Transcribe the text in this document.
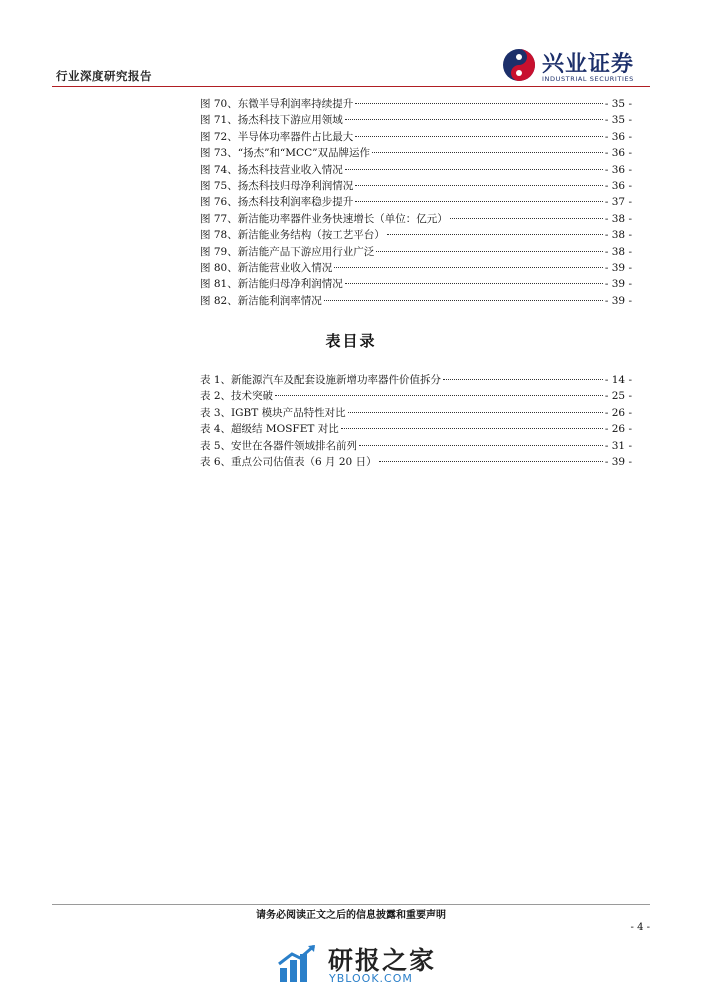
行业深度研究报告	兴业证券
INDUSTRIAL SECURITIES
图 70、东微半导利润率持续提升	- 35 -
图 71、扬杰科技下游应用领域	- 35 -
图 72、半导体功率器件占比最大	- 36 -
图 73、“扬杰”和“MCC”双品牌运作	- 36 -
图 74、扬杰科技营业收入情况	- 36 -
图 75、扬杰科技归母净利润情况	- 36 -
图 76、扬杰科技利润率稳步提升	- 37 -
图 77、新洁能功率器件业务快速增长（单位：亿元）	- 38 -
图 78、新洁能业务结构（按工艺平台）	- 38 -
图 79、新洁能产品下游应用行业广泛	- 38 -
图 80、新洁能营业收入情况	- 39 -
图 81、新洁能归母净利润情况	- 39 -
图 82、新洁能利润率情况	- 39 -
表目录
表 1、新能源汽车及配套设施新增功率器件价值拆分	- 14 -
表 2、技术突破	- 25 -
表 3、IGBT 模块产品特性对比	- 26 -
表 4、超级结 MOSFET 对比	- 26 -
表 5、安世在各器件领域排名前列	- 31 -
表 6、重点公司估值表（6 月 20 日）	- 39 -
请务必阅读正文之后的信息披露和重要声明
- 4 -
研报之家
YBLOOK.COM
